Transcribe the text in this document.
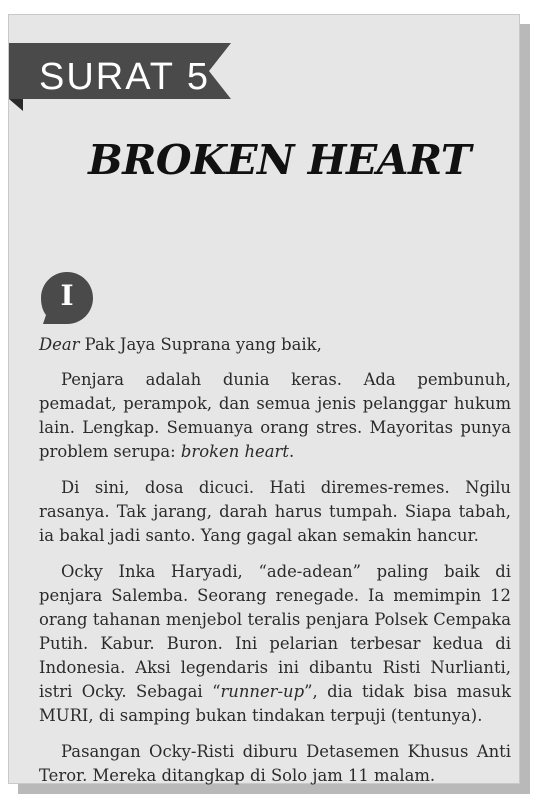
SURAT 5
BROKEN HEART
I

Dear Pak Jaya Suprana yang baik,

Penjara adalah dunia keras. Ada pembunuh, pemadat, perampok, dan semua jenis pelanggar hukum lain. Lengkap. Semuanya orang stres. Mayoritas punya problem serupa: broken heart.

Di sini, dosa dicuci. Hati diremes-remes. Ngilu rasanya. Tak jarang, darah harus tumpah. Siapa tabah, ia bakal jadi santo. Yang gagal akan semakin hancur.

Ocky Inka Haryadi, “ade-adean” paling baik di penjara Salemba. Seorang renegade. Ia memimpin 12 orang tahanan menjebol teralis penjara Polsek Cempaka Putih. Kabur. Buron. Ini pelarian terbesar kedua di Indonesia. Aksi legendaris ini dibantu Risti Nurlianti, istri Ocky. Sebagai “runner-up”, dia tidak bisa masuk MURI, di samping bukan tindakan terpuji (tentunya).

Pasangan Ocky-Risti diburu Detasemen Khusus Anti Teror. Mereka ditangkap di Solo jam 11 malam.
